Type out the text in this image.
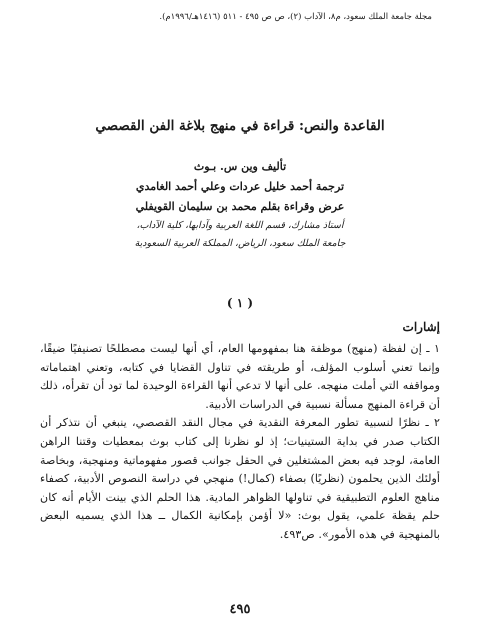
مجلة جامعة الملك سعود، م٨، الآداب (٢)، ص ص ٤٩٥ - ٥١١ (١٤١٦هـ/١٩٩٦م).
القاعدة والنص: قراءة في منهج بلاغة الفن القصصي
تأليف وين س. بـوث
ترجمة أحمد خليل عردات وعلي أحمد الغامدي
عرض وقراءة بقلم محمد بن سليمان القويفلي
أستاذ مشارك، قسم اللغة العربية وآدابها، كلية الآداب،
جامعة الملك سعود، الرياض، المملكة العربية السعودية
( ١ )
إشارات

١ ـ إن لفظة (منهج) موظفة هنا بمفهومها العام، أي أنها ليست مصطلحًا تصنيفيًا ضيقًا، وإنما تعني أسلوب المؤلف، أو طريقته في تناول القضايا في كتابه، وتعني اهتماماته ومواقفه التي أملت منهجه. على أنها لا تدعي أنها القراءة الوحيدة لما تود أن تقرأه، ذلك أن قراءة المنهج مسألة نسبية في الدراسات الأدبية.

٢ ـ نظرًا لنسبية تطور المعرفة النقدية في مجال النقد القصصي، ينبغي أن نتذكر أن الكتاب صدر في بداية الستينيات؛ إذ لو نظرنا إلى كتاب بوث بمعطيات وقتنا الراهن العامة، لوجد فيه بعض المشتغلين في الحقل جوانب قصور مفهوماتية ومنهجية، وبخاصة أولئك الذين يحلمون (نظريًا) بصفاء (كمال!) منهجي في دراسة النصوص الأدبية، كصفاء مناهج العلوم التطبيقية في تناولها الظواهر المادية. هذا الحلم الذي بينت الأيام أنه كان حلم يقظة علمي، يقول بوث: «لا أؤمن بإمكانية الكمال ــ هذا الذي يسميه البعض بالمنهجية في هذه الأمور». ص٤٩٣.

٤٩٥
